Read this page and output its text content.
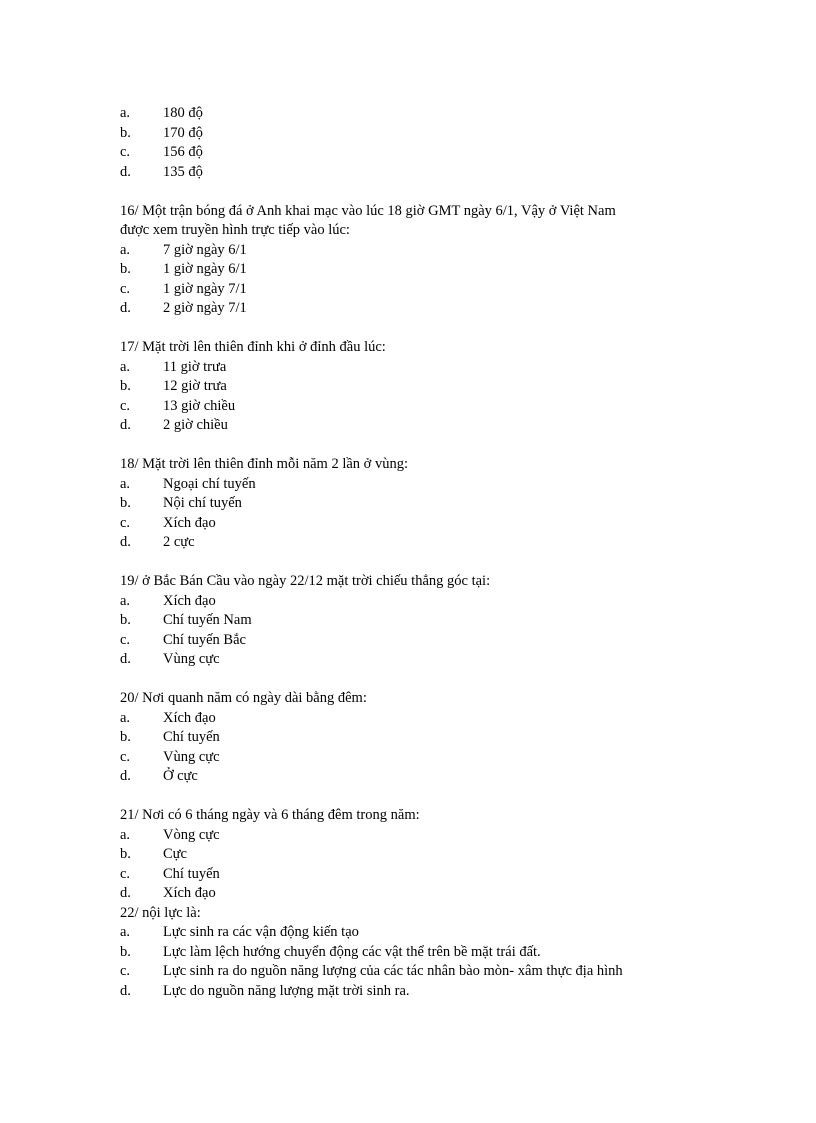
a. 180 độ
b. 170 độ
c. 156 độ
d. 135 độ
16/ Một trận bóng đá ở Anh khai mạc vào lúc 18 giờ GMT ngày 6/1, Vậy ở Việt Nam
được xem truyền hình trực tiếp vào lúc:
a. 7 giờ ngày 6/1
b. 1 giờ ngày 6/1
c. 1 giờ ngày 7/1
d. 2 giờ ngày 7/1
17/ Mặt trời lên thiên đỉnh khi ở đỉnh đầu lúc:
a. 11 giờ trưa
b. 12 giờ trưa
c. 13 giờ chiều
d. 2 giờ chiều
18/ Mặt trời lên thiên đỉnh mỗi năm 2 lần ở vùng:
a. Ngoại chí tuyến
b. Nội chí tuyến
c. Xích đạo
d. 2 cực
19/ ở Bắc Bán Cầu vào ngày 22/12 mặt trời chiếu thẳng góc tại:
a. Xích đạo
b. Chí tuyến Nam
c. Chí tuyến Bắc
d. Vùng cực
20/ Nơi quanh năm có ngày dài bằng đêm:
a. Xích đạo
b. Chí tuyến
c. Vùng cực
d. Ở cực
21/ Nơi có 6 tháng ngày và 6 tháng đêm trong năm:
a. Vòng cực
b. Cực
c. Chí tuyến
d. Xích đạo
22/ nội lực là:
a. Lực sinh ra các vận động kiến tạo
b. Lực làm lệch hướng chuyển động các vật thể trên bề mặt trái đất.
c. Lực sinh ra do nguồn năng lượng của các tác nhân bào mòn- xâm thực địa hình
d. Lực do nguồn năng lượng mặt trời sinh ra.
